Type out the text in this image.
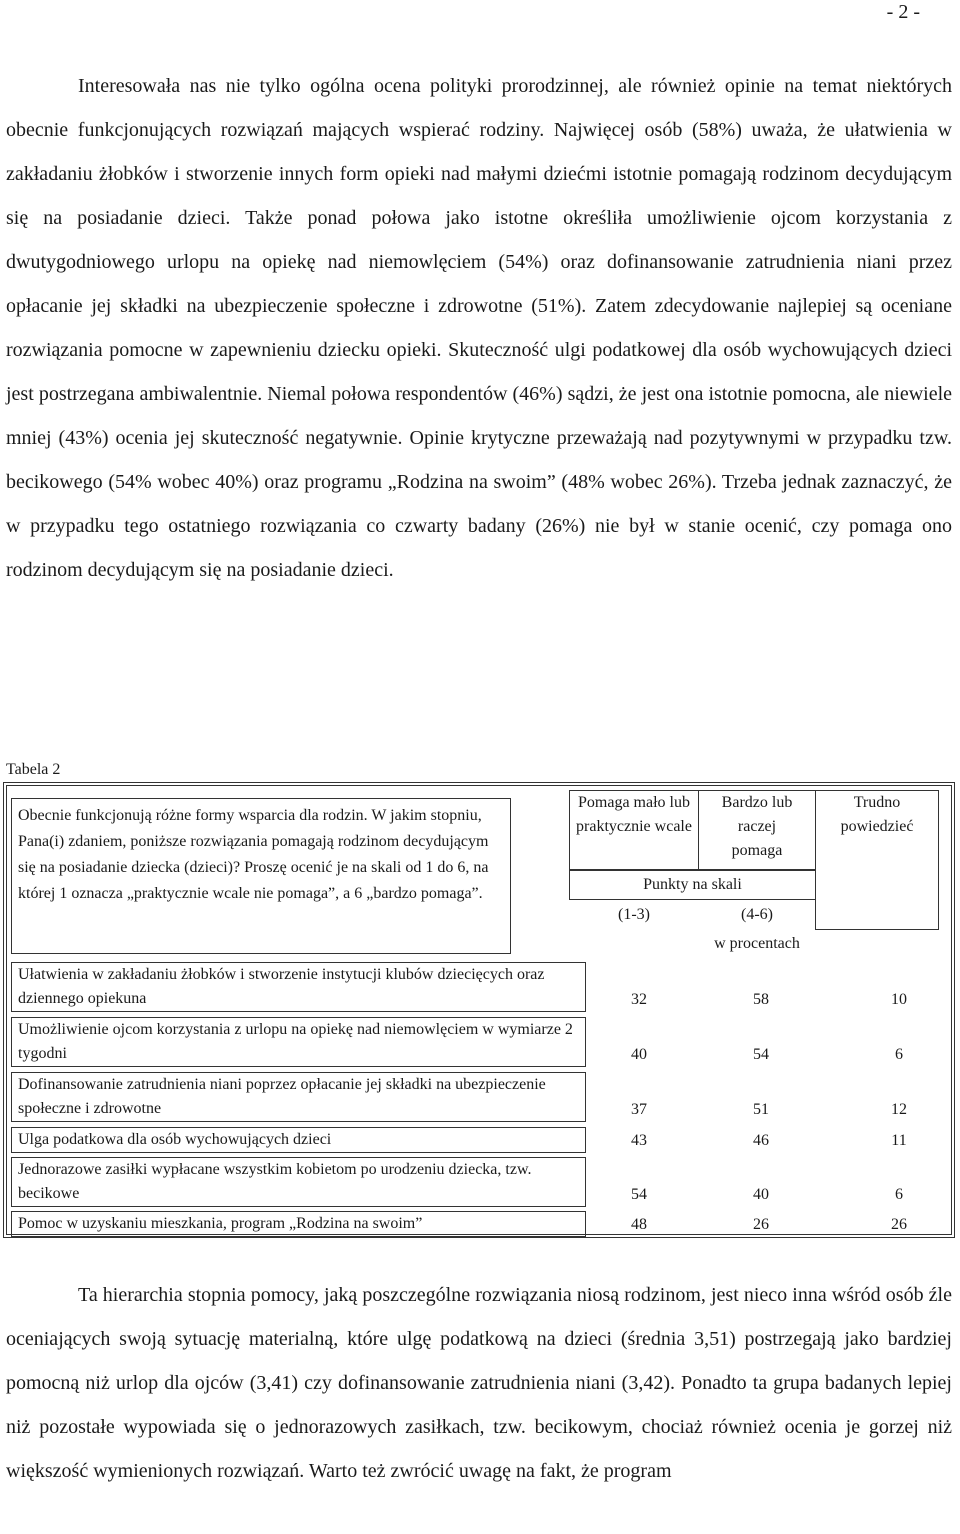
- 2 -

Interesowała nas nie tylko ogólna ocena polityki prorodzinnej, ale również opinie na temat niektórych obecnie funkcjonujących rozwiązań mających wspierać rodziny. Najwięcej osób (58%) uważa, że ułatwienia w zakładaniu żłobków i stworzenie innych form opieki nad małymi dziećmi istotnie pomagają rodzinom decydującym się na posiadanie dzieci. Także ponad połowa jako istotne określiła umożliwienie ojcom korzystania z dwutygodniowego urlopu na opiekę nad niemowlęciem (54%) oraz dofinansowanie zatrudnienia niani przez opłacanie jej składki na ubezpieczenie społeczne i zdrowotne (51%). Zatem zdecydowanie najlepiej są oceniane rozwiązania pomocne w zapewnieniu dziecku opieki. Skuteczność ulgi podatkowej dla osób wychowujących dzieci jest postrzegana ambiwalentnie. Niemal połowa respondentów (46%) sądzi, że jest ona istotnie pomocna, ale niewiele mniej (43%) ocenia jej skuteczność negatywnie. Opinie krytyczne przeważają nad pozytywnymi w przypadku tzw. becikowego (54% wobec 40%) oraz programu „Rodzina na swoim” (48% wobec 26%). Trzeba jednak zaznaczyć, że w przypadku tego ostatniego rozwiązania co czwarty badany (26%) nie był w stanie ocenić, czy pomaga ono rodzinom decydującym się na posiadanie dzieci.

Tabela 2
Obecnie funkcjonują różne formy wsparcia dla rodzin. W jakim stopniu, Pana(i) zdaniem, poniższe rozwiązania pomagają rodzinom decydującym się na posiadanie dziecka (dzieci)? Proszę ocenić je na skali od 1 do 6, na której 1 oznacza „praktycznie wcale nie pomaga”, a 6 „bardzo pomaga”.
Pomaga mało lub praktycznie wcale
Bardzo lub raczej pomaga
Trudno powiedzieć
Punkty na skali
(1-3)	(4-6)
w procentach
Ułatwienia w zakładaniu żłobków i stworzenie instytucji klubów dziecięcych oraz dziennego opiekuna	32	58	10
Umożliwienie ojcom korzystania z urlopu na opiekę nad niemowlęciem w wymiarze 2 tygodni	40	54	6
Dofinansowanie zatrudnienia niani poprzez opłacanie jej składki na ubezpieczenie społeczne i zdrowotne	37	51	12
Ulga podatkowa dla osób wychowujących dzieci	43	46	11
Jednorazowe zasiłki wypłacane wszystkim kobietom po urodzeniu dziecka, tzw. becikowe	54	40	6
Pomoc w uzyskaniu mieszkania, program „Rodzina na swoim”	48	26	26

Ta hierarchia stopnia pomocy, jaką poszczególne rozwiązania niosą rodzinom, jest nieco inna wśród osób źle oceniających swoją sytuację materialną, które ulgę podatkową na dzieci (średnia 3,51) postrzegają jako bardziej pomocną niż urlop dla ojców (3,41) czy dofinansowanie zatrudnienia niani (3,42). Ponadto ta grupa badanych lepiej niż pozostałe wypowiada się o jednorazowych zasiłkach, tzw. becikowym, chociaż również ocenia je gorzej niż większość wymienionych rozwiązań. Warto też zwrócić uwagę na fakt, że program
